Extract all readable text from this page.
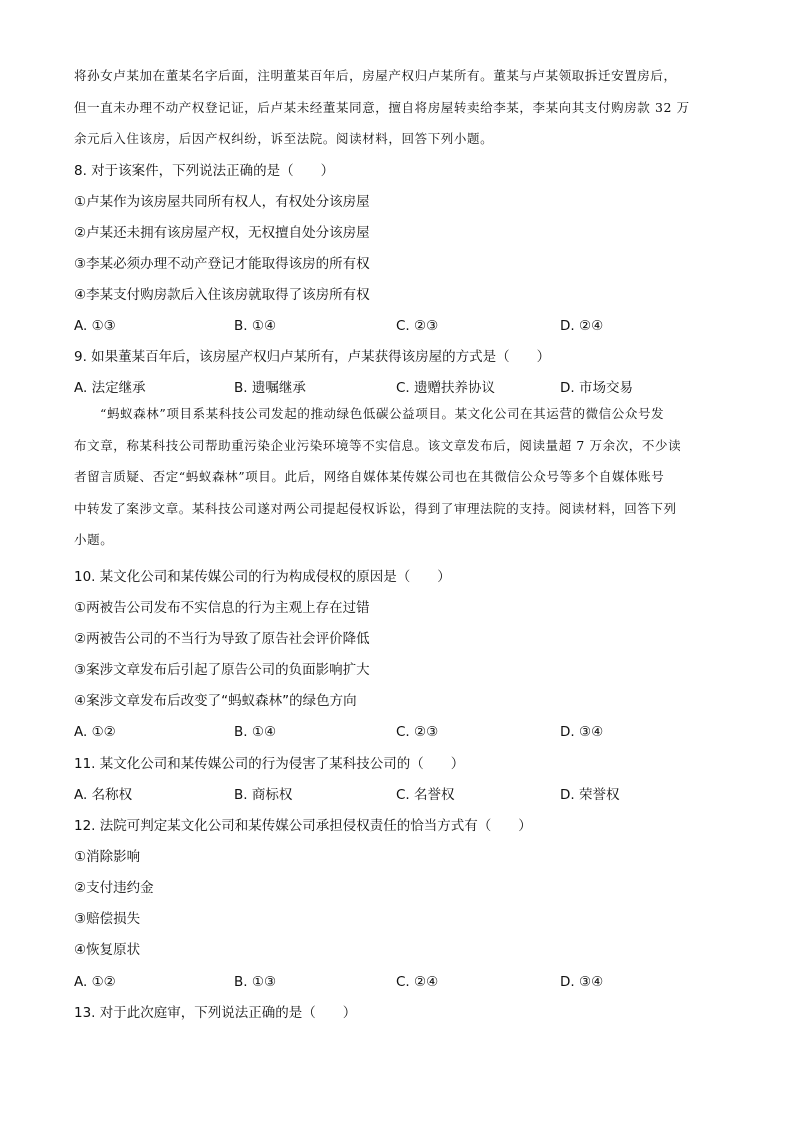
将孙女卢某加在董某名字后面，注明董某百年后，房屋产权归卢某所有。董某与卢某领取拆迁安置房后，
但一直未办理不动产权登记证，后卢某未经董某同意，擅自将房屋转卖给李某，李某向其支付购房款 32 万
余元后入住该房，后因产权纠纷，诉至法院。阅读材料，回答下列小题。
8. 对于该案件，下列说法正确的是（　　）
①卢某作为该房屋共同所有权人，有权处分该房屋
②卢某还未拥有该房屋产权，无权擅自处分该房屋
③李某必须办理不动产登记才能取得该房的所有权
④李某支付购房款后入住该房就取得了该房所有权
A. ①③	B. ①④	C. ②③	D. ②④
9. 如果董某百年后，该房屋产权归卢某所有，卢某获得该房屋的方式是（　　）
A. 法定继承	B. 遗嘱继承	C. 遗赠扶养协议	D. 市场交易
“蚂蚁森林”项目系某科技公司发起的推动绿色低碳公益项目。某文化公司在其运营的微信公众号发
布文章，称某科技公司帮助重污染企业污染环境等不实信息。该文章发布后，阅读量超 7 万余次，不少读
者留言质疑、否定“蚂蚁森林”项目。此后，网络自媒体某传媒公司也在其微信公众号等多个自媒体账号
中转发了案涉文章。某科技公司遂对两公司提起侵权诉讼，得到了审理法院的支持。阅读材料，回答下列
小题。
10. 某文化公司和某传媒公司的行为构成侵权的原因是（　　）
①两被告公司发布不实信息的行为主观上存在过错
②两被告公司的不当行为导致了原告社会评价降低
③案涉文章发布后引起了原告公司的负面影响扩大
④案涉文章发布后改变了“蚂蚁森林”的绿色方向
A. ①②	B. ①④	C. ②③	D. ③④
11. 某文化公司和某传媒公司的行为侵害了某科技公司的（　　）
A. 名称权	B. 商标权	C. 名誉权	D. 荣誉权
12. 法院可判定某文化公司和某传媒公司承担侵权责任的恰当方式有（　　）
①消除影响
②支付违约金
③赔偿损失
④恢复原状
A. ①②	B. ①③	C. ②④	D. ③④
13. 对于此次庭审，下列说法正确的是（　　）
